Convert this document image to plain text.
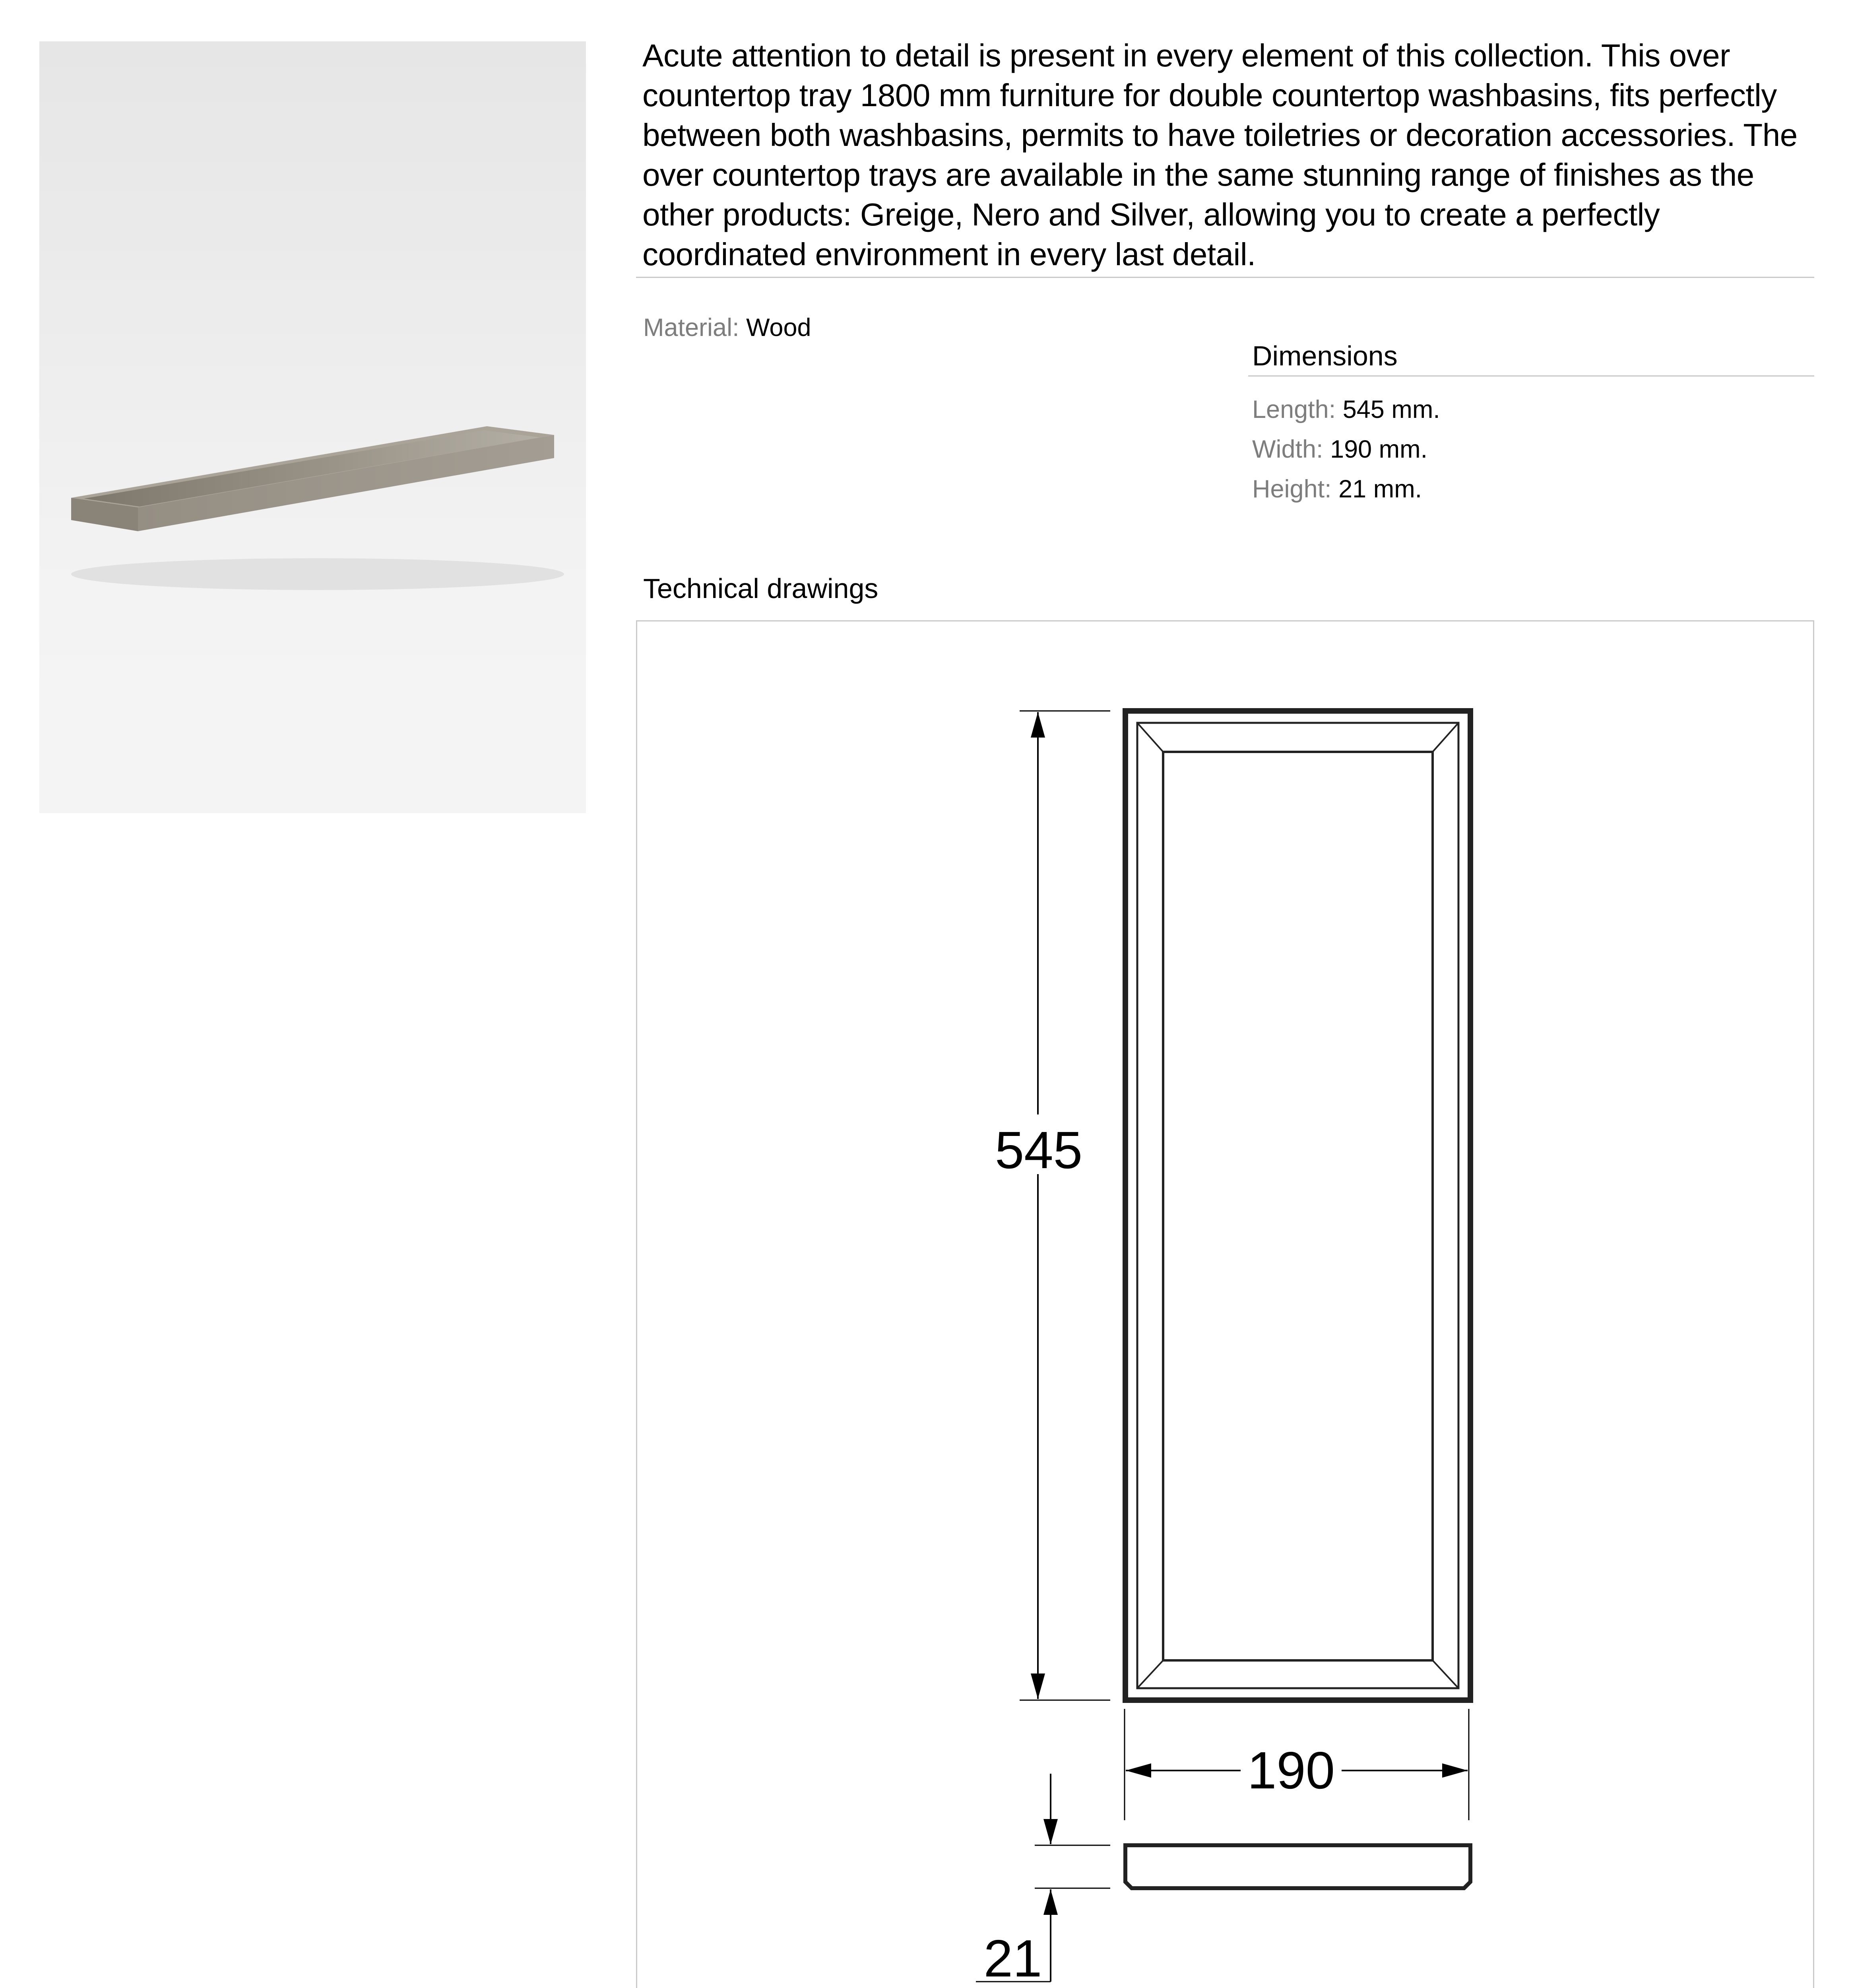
Acute attention to detail is present in every element of this collection. This over countertop tray 1800 mm furniture for double countertop washbasins, fits perfectly between both washbasins, permits to have toiletries or decoration accessories. The over countertop trays are available in the same stunning range of finishes as the other products: Greige, Nero and Silver, allowing you to create a perfectly coordinated environment in every last detail.

Material: Wood
Dimensions
Length: 545 mm.
Width: 190 mm.
Height: 21 mm.
Technical drawings
545
190
21
